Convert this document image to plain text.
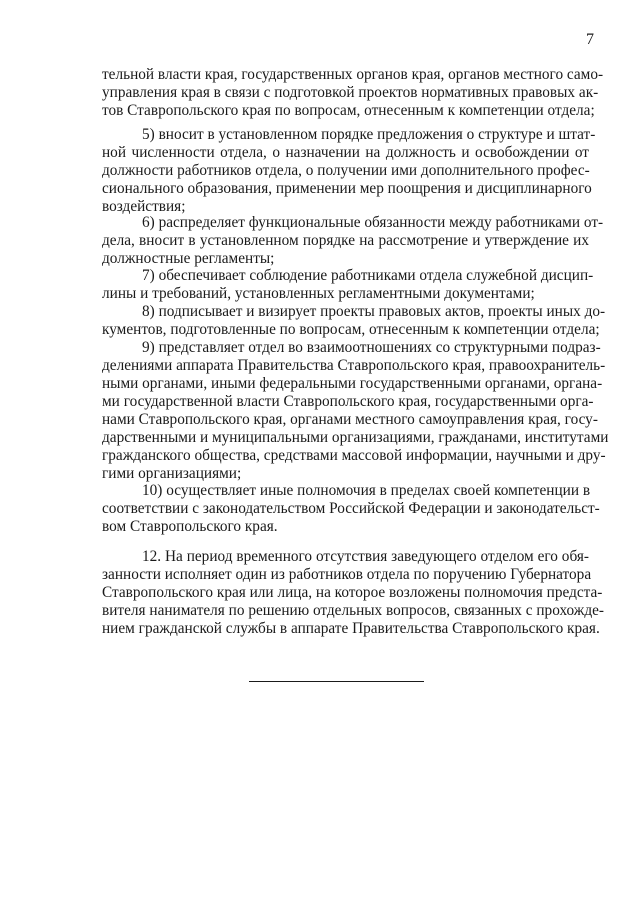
7
тельной власти края, государственных органов края, органов местного само-
управления края в связи с подготовкой проектов нормативных правовых ак-
тов Ставропольского края по вопросам, отнесенным к компетенции отдела;
5) вносит в установленном порядке предложения о структуре и штат-
ной численности отдела, о назначении на должность и освобождении от
должности работников отдела, о получении ими дополнительного профес-
сионального образования, применении мер поощрения и дисциплинарного
воздействия;
6) распределяет функциональные обязанности между работниками от-
дела, вносит в установленном порядке на рассмотрение и утверждение их
должностные регламенты;
7) обеспечивает соблюдение работниками отдела служебной дисцип-
лины и требований, установленных регламентными документами;
8) подписывает и визирует проекты правовых актов, проекты иных до-
кументов, подготовленные по вопросам, отнесенным к компетенции отдела;
9) представляет отдел во взаимоотношениях со структурными подраз-
делениями аппарата Правительства Ставропольского края, правоохранитель-
ными органами, иными федеральными государственными органами, органа-
ми государственной власти Ставропольского края, государственными орга-
нами Ставропольского края, органами местного самоуправления края, госу-
дарственными и муниципальными организациями, гражданами, институтами
гражданского общества, средствами массовой информации, научными и дру-
гими организациями;
10) осуществляет иные полномочия в пределах своей компетенции в
соответствии с законодательством Российской Федерации и законодательст-
вом Ставропольского края.
12. На период временного отсутствия заведующего отделом его обя-
занности исполняет один из работников отдела по поручению Губернатора
Ставропольского края или лица, на которое возложены полномочия предста-
вителя нанимателя по решению отдельных вопросов, связанных с прохожде-
нием гражданской службы в аппарате Правительства Ставропольского края.
